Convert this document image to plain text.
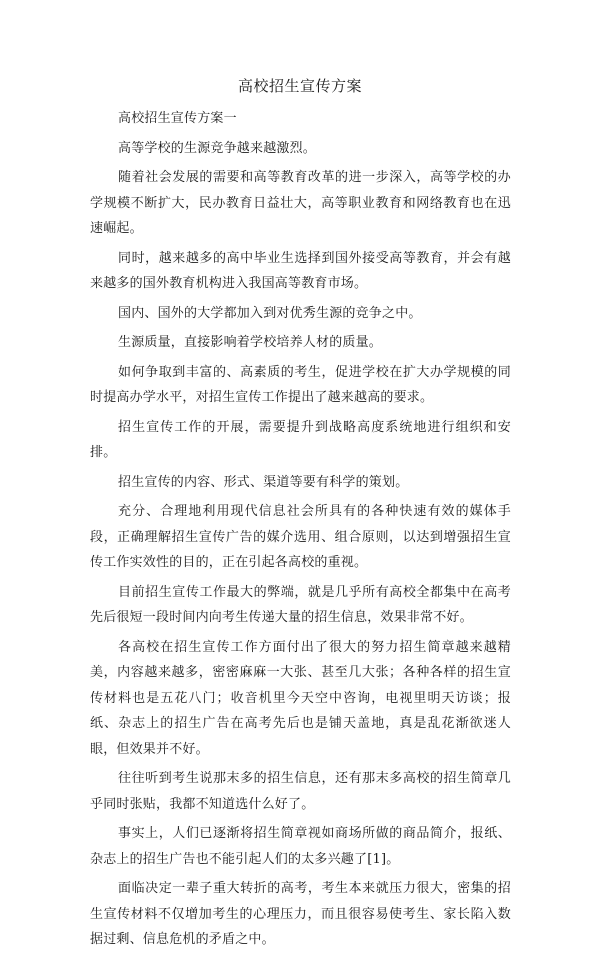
高校招生宣传方案

高校招生宣传方案一

高等学校的生源竞争越来越激烈。

随着社会发展的需要和高等教育改革的进一步深入，高等学校的办学规模不断扩大，民办教育日益壮大，高等职业教育和网络教育也在迅速崛起。

同时，越来越多的高中毕业生选择到国外接受高等教育，并会有越来越多的国外教育机构进入我国高等教育市场。

国内、国外的大学都加入到对优秀生源的竞争之中。

生源质量，直接影响着学校培养人材的质量。

如何争取到丰富的、高素质的考生，促进学校在扩大办学规模的同时提高办学水平，对招生宣传工作提出了越来越高的要求。

招生宣传工作的开展，需要提升到战略高度系统地进行组织和安排。

招生宣传的内容、形式、渠道等要有科学的策划。

充分、合理地利用现代信息社会所具有的各种快速有效的媒体手段，正确理解招生宣传广告的媒介选用、组合原则，以达到增强招生宣传工作实效性的目的，正在引起各高校的重视。

目前招生宣传工作最大的弊端，就是几乎所有高校全都集中在高考先后很短一段时间内向考生传递大量的招生信息，效果非常不好。

各高校在招生宣传工作方面付出了很大的努力招生简章越来越精美，内容越来越多，密密麻麻一大张、甚至几大张；各种各样的招生宣传材料也是五花八门；收音机里今天空中咨询，电视里明天访谈；报纸、杂志上的招生广告在高考先后也是铺天盖地，真是乱花渐欲迷人眼，但效果并不好。

往往听到考生说那末多的招生信息，还有那末多高校的招生简章几乎同时张贴，我都不知道选什么好了。

事实上，人们已逐渐将招生简章视如商场所做的商品简介，报纸、杂志上的招生广告也不能引起人们的太多兴趣了[1]。

面临决定一辈子重大转折的高考，考生本来就压力很大，密集的招生宣传材料不仅增加考生的心理压力，而且很容易使考生、家长陷入数据过剩、信息危机的矛盾之中。
